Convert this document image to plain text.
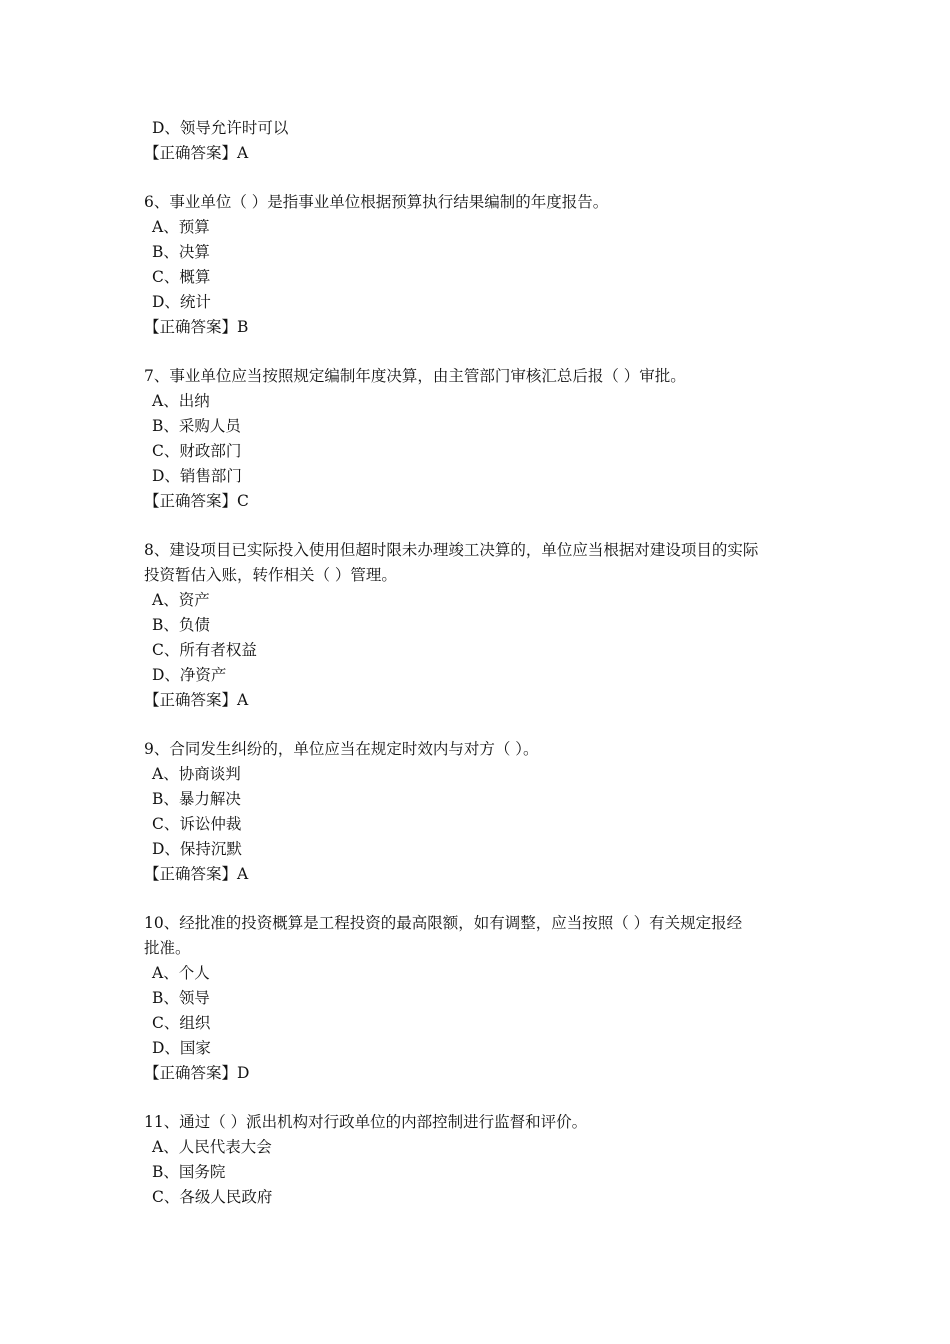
D、领导允许时可以
【正确答案】A
6、事业单位（ ）是指事业单位根据预算执行结果编制的年度报告。
A、预算
B、决算
C、概算
D、统计
【正确答案】B
7、事业单位应当按照规定编制年度决算，由主管部门审核汇总后报（ ）审批。
A、出纳
B、采购人员
C、财政部门
D、销售部门
【正确答案】C
8、建设项目已实际投入使用但超时限未办理竣工决算的，单位应当根据对建设项目的实际
投资暂估入账，转作相关（ ）管理。
A、资产
B、负债
C、所有者权益
D、净资产
【正确答案】A
9、合同发生纠纷的，单位应当在规定时效内与对方（ ）。
A、协商谈判
B、暴力解决
C、诉讼仲裁
D、保持沉默
【正确答案】A
10、经批准的投资概算是工程投资的最高限额，如有调整，应当按照（ ）有关规定报经
批准。
A、个人
B、领导
C、组织
D、国家
【正确答案】D
11、通过（ ）派出机构对行政单位的内部控制进行监督和评价。
A、人民代表大会
B、国务院
C、各级人民政府
